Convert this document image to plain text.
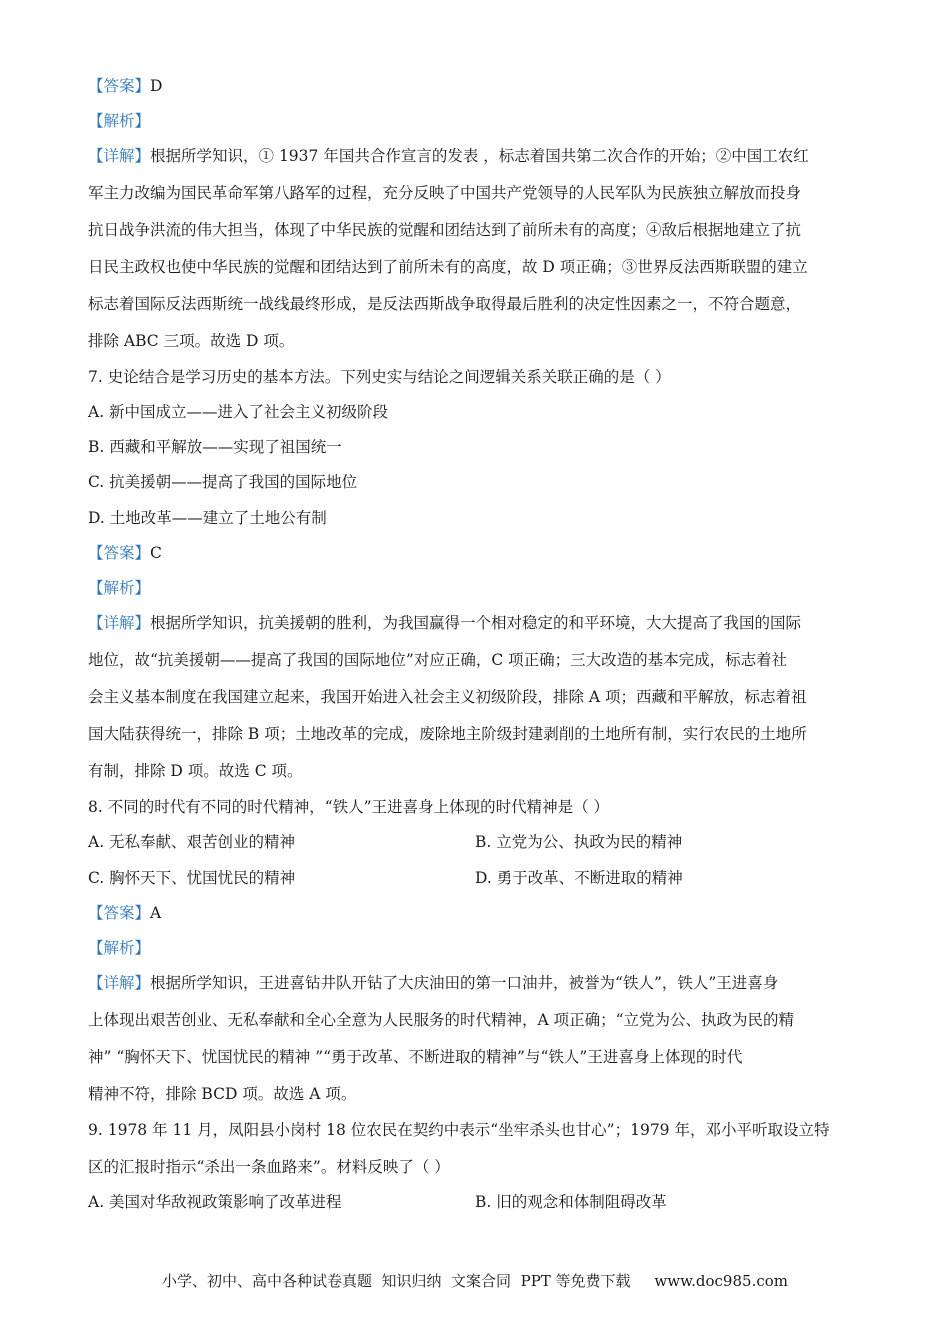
【答案】D
【解析】
【详解】根据所学知识，① 1937 年国共合作宣言的发表 ，标志着国共第二次合作的开始；②中国工农红
军主力改编为国民革命军第八路军的过程，充分反映了中国共产党领导的人民军队为民族独立解放而投身
抗日战争洪流的伟大担当，体现了中华民族的觉醒和团结达到了前所未有的高度；④敌后根据地建立了抗
日民主政权也使中华民族的觉醒和团结达到了前所未有的高度，故 D 项正确；③世界反法西斯联盟的建立
标志着国际反法西斯统一战线最终形成，是反法西斯战争取得最后胜利的决定性因素之一，不符合题意，
排除 ABC 三项。故选 D 项。
7. 史论结合是学习历史的基本方法。下列史实与结论之间逻辑关系关联正确的是（ ）
A. 新中国成立——进入了社会主义初级阶段
B. 西藏和平解放——实现了祖国统一
C. 抗美援朝——提高了我国的国际地位
D. 土地改革——建立了土地公有制
【答案】C
【解析】
【详解】根据所学知识，抗美援朝的胜利，为我国赢得一个相对稳定的和平环境，大大提高了我国的国际
地位，故“抗美援朝——提高了我国的国际地位”对应正确，C 项正确；三大改造的基本完成，标志着社
会主义基本制度在我国建立起来，我国开始进入社会主义初级阶段，排除 A 项；西藏和平解放，标志着祖
国大陆获得统一，排除 B 项；土地改革的完成，废除地主阶级封建剥削的土地所有制，实行农民的土地所
有制，排除 D 项。故选 C 项。
8. 不同的时代有不同的时代精神，“铁人”王进喜身上体现的时代精神是（ ）
A. 无私奉献、艰苦创业的精神	B. 立党为公、执政为民的精神
C. 胸怀天下、忧国忧民的精神	D. 勇于改革、不断进取的精神
【答案】A
【解析】
【详解】根据所学知识，王进喜钻井队开钻了大庆油田的第一口油井，被誉为“铁人”，铁人”王进喜身
上体现出艰苦创业、无私奉献和全心全意为人民服务的时代精神，A 项正确；“立党为公、执政为民的精
神” “胸怀天下、忧国忧民的精神 ”“勇于改革、不断进取的精神”与“铁人”王进喜身上体现的时代
精神不符，排除 BCD 项。故选 A 项。
9. 1978 年 11 月，凤阳县小岗村 18 位农民在契约中表示“坐牢杀头也甘心”；1979 年，邓小平听取设立特
区的汇报时指示“杀出一条血路来”。材料反映了（ ）
A. 美国对华敌视政策影响了改革进程	B. 旧的观念和体制阻碍改革
小学、初中、高中各种试卷真题  知识归纳  文案合同  PPT 等免费下载     www.doc985.com
